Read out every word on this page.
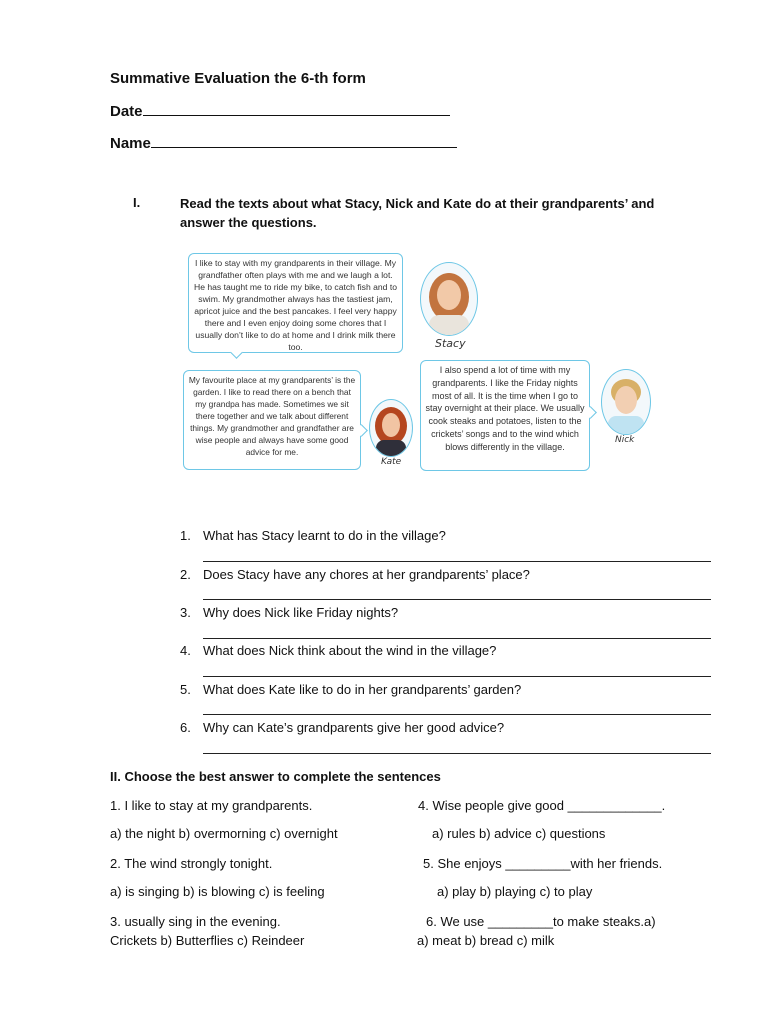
Summative Evaluation the 6-th form
Date
Name
I.	Read the texts about what Stacy, Nick and Kate do at their grandparents’ and answer the questions.
I like to stay with my grandparents in their village. My grandfather often plays with me and we laugh a lot. He has taught me to ride my bike, to catch fish and to swim. My grandmother always has the tastiest jam, apricot juice and the best pancakes. I feel very happy there and I even enjoy doing some chores that I usually don’t like to do at home and I drink milk there too.	Stacy
My favourite place at my grandparents’ is the garden. I like to read there on a bench that my grandpa has made. Sometimes we sit there together and we talk about different things. My grandmother and grandfather are wise people and always have some good advice for me.
Kate
I also spend a lot of time with my grandparents. I like the Friday nights most of all. It is the time when I go to stay overnight at their place. We usually cook steaks and potatoes, listen to the crickets’ songs and to the wind which blows differently in the village.
Nick
1. What has Stacy learnt to do in the village?
2. Does Stacy have any chores at her grandparents’ place?
3. Why does Nick like Friday nights?
4. What does Nick think about the wind in the village?
5. What does Kate like to do in her grandparents’ garden?
6. Why can Kate’s grandparents give her good advice?
II. Choose the best answer to complete the sentences
1. I like to stay at my grandparents.
a) the night b) overmorning c) overnight
2. The wind strongly tonight.
a) is singing b) is blowing c) is feeling
3. usually sing in the evening.
Crickets b) Butterflies c) Reindeer
4. Wise people give good _____________.
a) rules b) advice c) questions
5. She enjoys _________with her friends.
a) play b) playing c) to play
6. We use _________to make steaks.a)
a) meat b) bread c) milk
